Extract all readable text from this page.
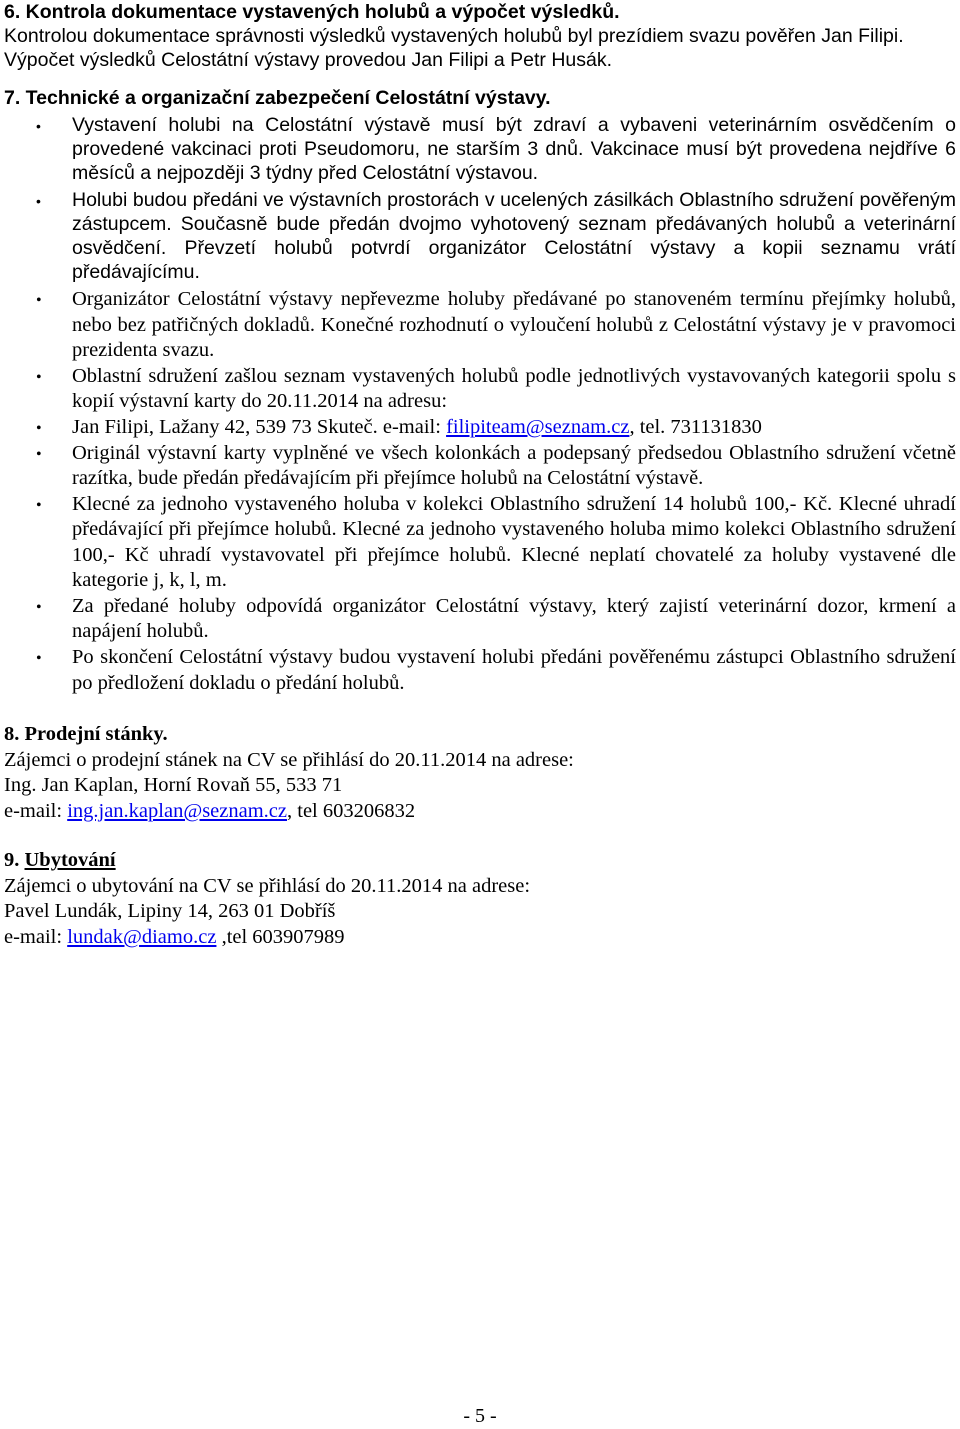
6. Kontrola dokumentace vystavených holubů a výpočet výsledků.

Kontrolou dokumentace správnosti výsledků vystavených holubů byl prezídiem svazu pověřen Jan Filipi. Výpočet výsledků Celostátní výstavy provedou Jan Filipi a Petr Husák.

7. Technické a organizační zabezpečení Celostátní výstavy.

• Vystavení holubi na Celostátní výstavě musí být zdraví a vybaveni veterinárním osvědčením o provedené vakcinaci proti Pseudomoru, ne starším 3 dnů. Vakcinace musí být provedena nejdříve 6 měsíců a nejpozději 3 týdny před Celostátní výstavou.
• Holubi budou předáni ve výstavních prostorách v ucelených zásilkách Oblastního sdružení pověřeným zástupcem. Současně bude předán dvojmo vyhotovený seznam předávaných holubů a veterinární osvědčení. Převzetí holubů potvrdí organizátor Celostátní výstavy a kopii seznamu vrátí předávajícímu.
• Organizátor Celostátní výstavy nepřevezme holuby předávané po stanoveném termínu přejímky holubů, nebo bez patřičných dokladů. Konečné rozhodnutí o vyloučení holubů z Celostátní výstavy je v pravomoci prezidenta svazu.
• Oblastní sdružení zašlou seznam vystavených holubů podle jednotlivých vystavovaných kategorii spolu s kopií výstavní karty do 20.11.2014 na adresu:
• Jan Filipi, Lažany 42, 539 73 Skuteč. e-mail: filipiteam@seznam.cz, tel. 731131830
• Originál výstavní karty vyplněné ve všech kolonkách a podepsaný předsedou Oblastního sdružení včetně razítka, bude předán předávajícím při přejímce holubů na Celostátní výstavě.
• Klecné za jednoho vystaveného holuba v kolekci Oblastního sdružení 14 holubů 100,- Kč. Klecné uhradí předávající při přejímce holubů. Klecné za jednoho vystaveného holuba mimo kolekci Oblastního sdružení 100,- Kč uhradí vystavovatel při přejímce holubů. Klecné neplatí chovatelé za holuby vystavené dle kategorie j, k, l, m.
• Za předané holuby odpovídá organizátor Celostátní výstavy, který zajistí veterinární dozor, krmení a napájení holubů.
• Po skončení Celostátní výstavy budou vystavení holubi předáni pověřenému zástupci Oblastního sdružení po předložení dokladu o předání holubů.

8. Prodejní stánky.

Zájemci o prodejní stánek na CV se přihlásí do 20.11.2014 na adrese:

Ing. Jan Kaplan, Horní Rovaň 55, 533 71

e-mail: ing.jan.kaplan@seznam.cz, tel 603206832

9. Ubytování

Zájemci o ubytování na CV se přihlásí do 20.11.2014 na adrese:

Pavel Lundák, Lipiny 14, 263 01 Dobříš

e-mail: lundak@diamo.cz ,tel 603907989

- 5 -
